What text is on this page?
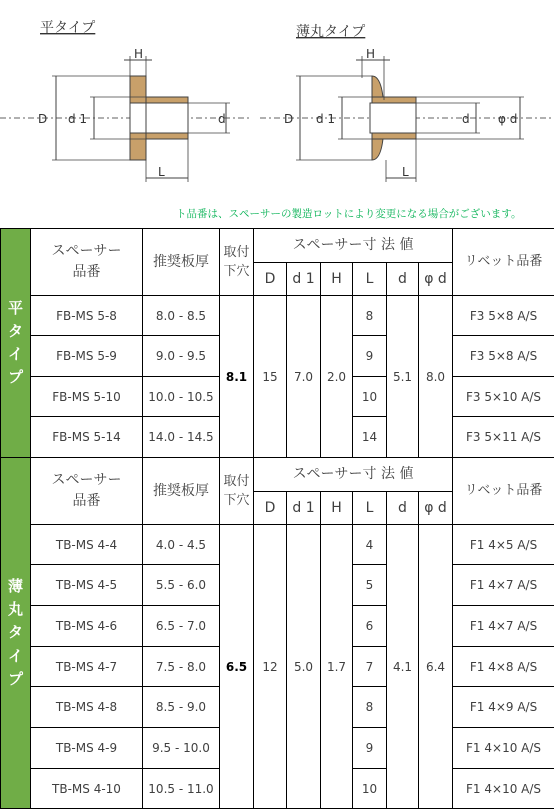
平タイプ	薄丸タイプ
D d 1	d
H
L
D d 1	d φ d
H
L
ト品番は、スペーサーの製造ロットにより変更になる場合がございます。
平
タ
イ
プ	スペーサー
品番	推奨板厚	取付
下穴	スペーサー寸 法 値						リベット品番
				D	d 1	H	L	d	φ d	
	FB-MS 5-8	8.0 - 8.5	8.1	15	7.0	2.0	8	5.1	8.0	F3 5×8 A/S
	FB-MS 5-9	9.0 - 9.5					9			F3 5×8 A/S
	FB-MS 5-10	10.0 - 10.5					10			F3 5×10 A/S
	FB-MS 5-14	14.0 - 14.5					14			F3 5×11 A/S
薄
丸
タ
イ
プ	スペーサー
品番	推奨板厚	取付
下穴	スペーサー寸 法 値						リベット品番
				D	d 1	H	L	d	φ d	
	TB-MS 4-4	4.0 - 4.5	6.5	12	5.0	1.7	4	4.1	6.4	F1 4×5 A/S
	TB-MS 4-5	5.5 - 6.0					5			F1 4×7 A/S
	TB-MS 4-6	6.5 - 7.0					6			F1 4×7 A/S
	TB-MS 4-7	7.5 - 8.0					7			F1 4×8 A/S
	TB-MS 4-8	8.5 - 9.0					8			F1 4×9 A/S
	TB-MS 4-9	9.5 - 10.0					9			F1 4×10 A/S
	TB-MS 4-10	10.5 - 11.0					10			F1 4×10 A/S
